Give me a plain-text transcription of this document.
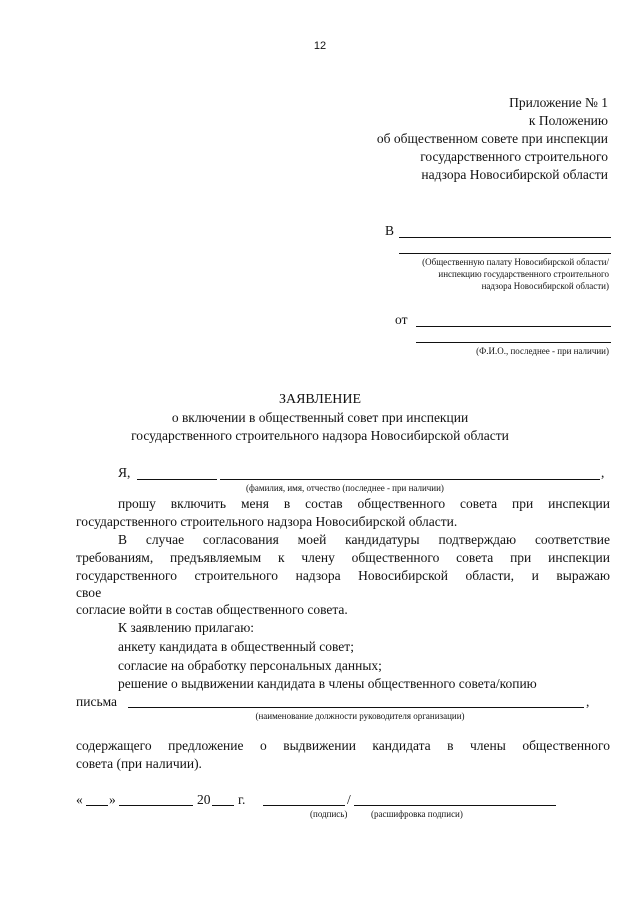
12
Приложение № 1
к Положению
об общественном совете при инспекции
государственного строительного
надзора Новосибирской области
В
(Общественную палату Новосибирской области/
инспекцию государственного строительного
надзора Новосибирской области)
от
(Ф.И.О., последнее - при наличии)
ЗАЯВЛЕНИЕ
о включении в общественный совет при инспекции
государственного строительного надзора Новосибирской области
Я,	,
(фамилия, имя, отчество (последнее - при наличии)
прошу включить меня в состав общественного совета при инспекции
государственного строительного надзора Новосибирской области.
В случае согласования моей кандидатуры подтверждаю соответствие
требованиям, предъявляемым к члену общественного совета при инспекции
государственного строительного надзора Новосибирской области, и выражаю
свое
согласие войти в состав общественного совета.
К заявлению прилагаю:
анкету кандидата в общественный совет;
согласие на обработку персональных данных;
решение о выдвижении кандидата в члены общественного совета/копию
письма	,
(наименование должности руководителя организации)
содержащего предложение о выдвижении кандидата в члены общественного
совета (при наличии).
« »	20 г.	/
(подпись)	(расшифровка подписи)
